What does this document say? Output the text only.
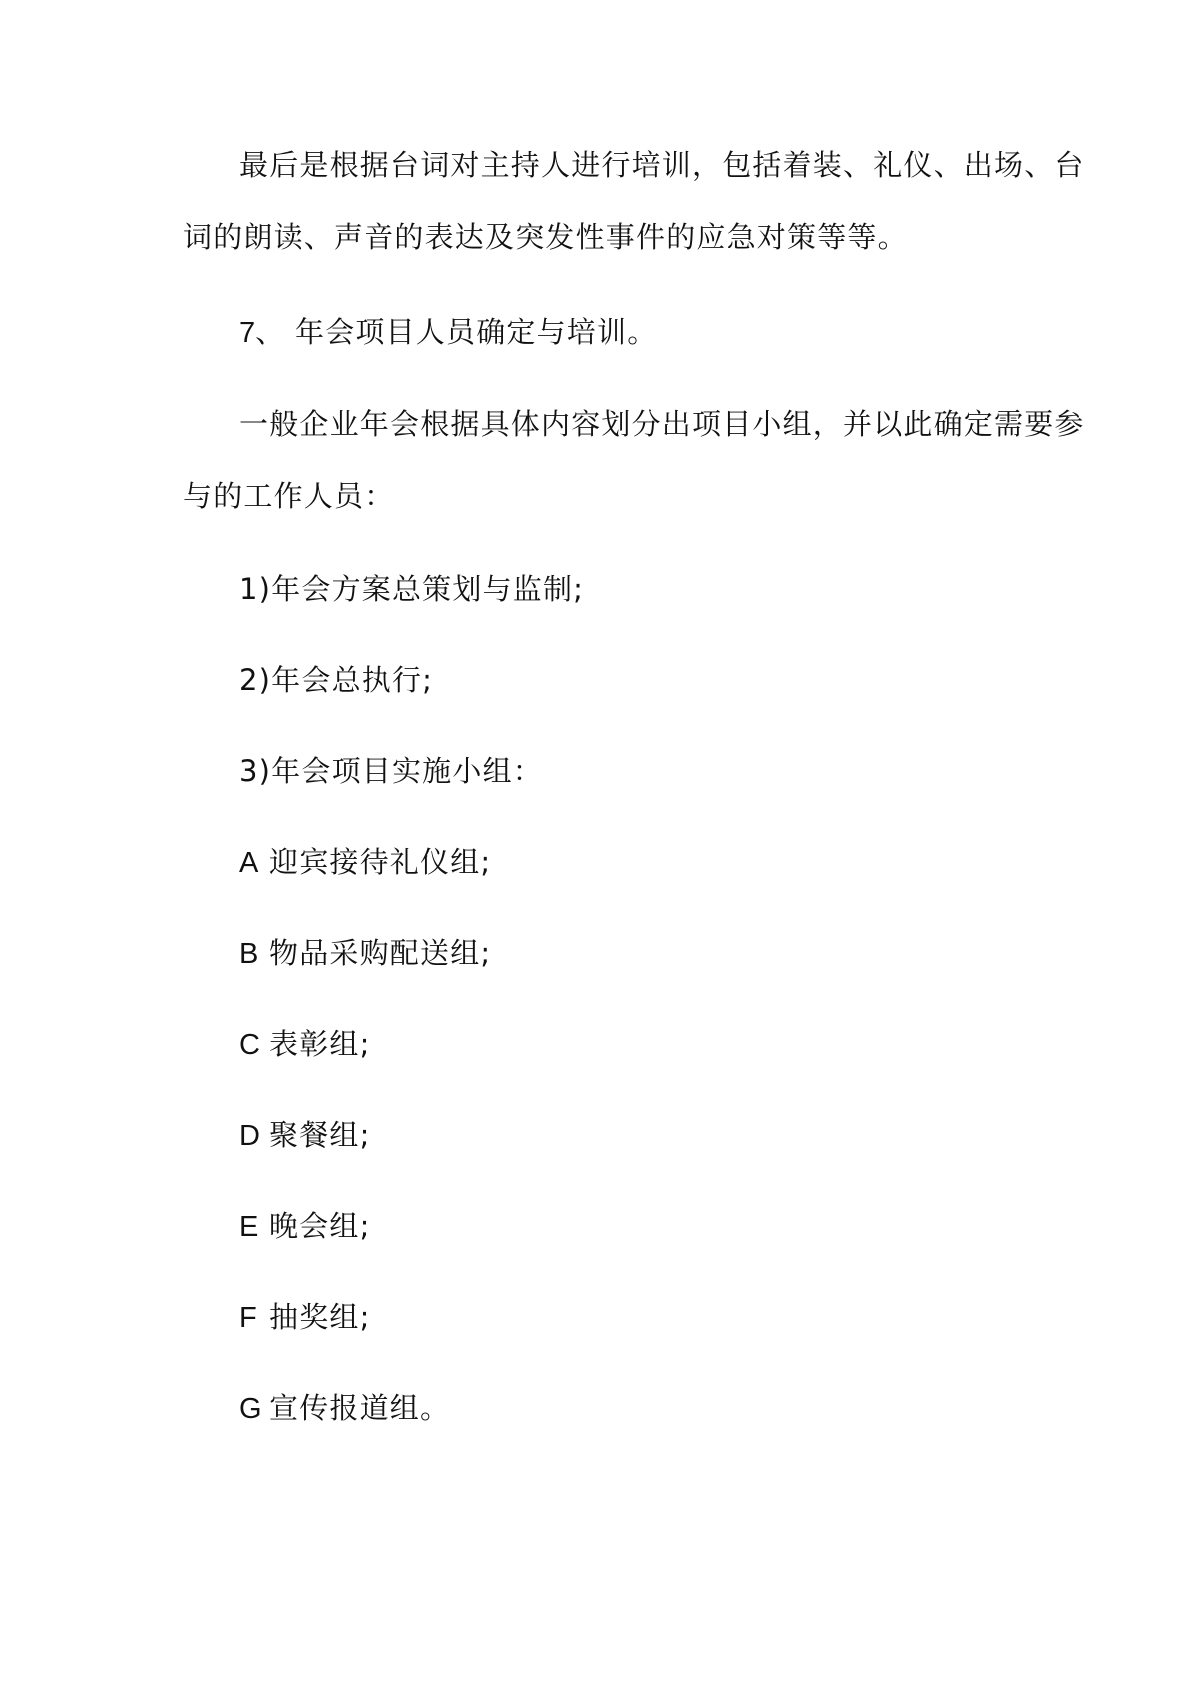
最后是根据台词对主持人进行培训，包括着装、礼仪、出场、台
词的朗读、声音的表达及突发性事件的应急对策等等。
7、 年会项目人员确定与培训。
一般企业年会根据具体内容划分出项目小组，并以此确定需要参
与的工作人员：
1)年会方案总策划与监制;
2)年会总执行;
3)年会项目实施小组：
A 迎宾接待礼仪组;
B 物品采购配送组;
C 表彰组;
D 聚餐组;
E 晚会组;
F 抽奖组;
G 宣传报道组。
